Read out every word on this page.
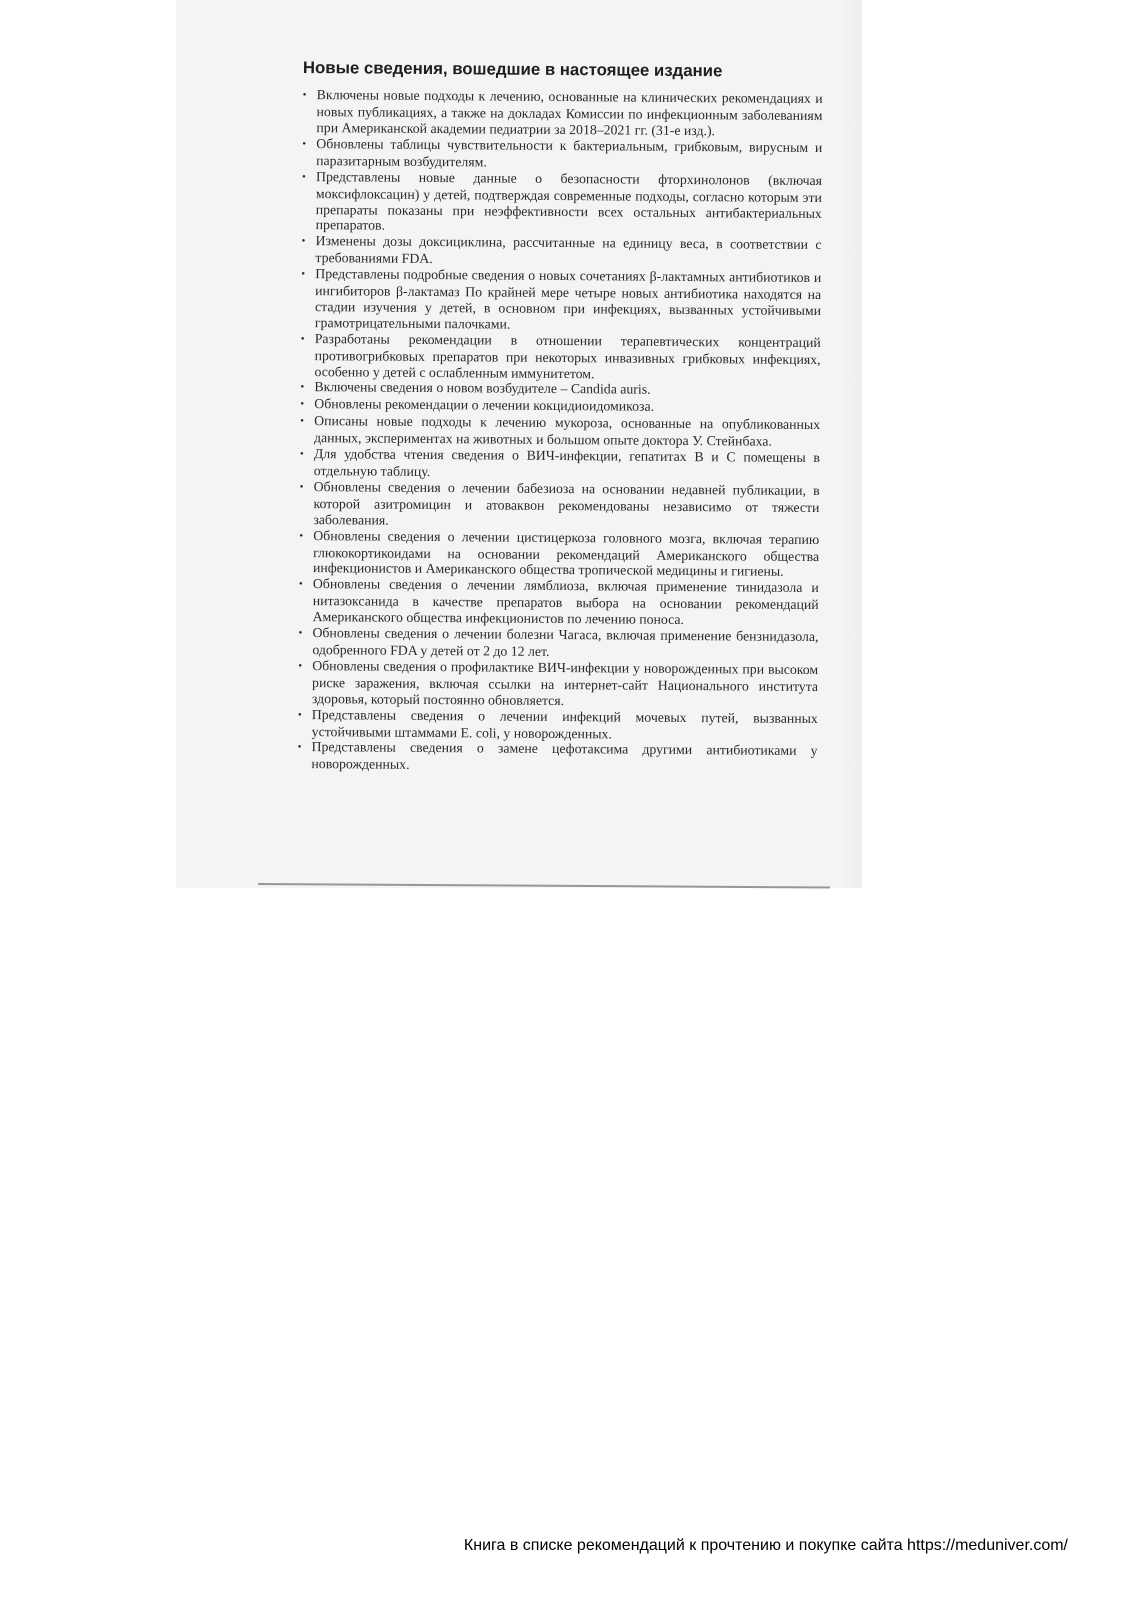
Новые сведения, вошедшие в настоящее издание
• Включены новые подходы к лечению, основанные на клинических рекомендациях и новых публикациях, а также на докладах Комиссии по инфекционным заболеваниям при Американской академии педиатрии за 2018–2021 гг. (31-е изд.).
• Обновлены таблицы чувствительности к бактериальным, грибковым, вирусным и паразитарным возбудителям.
• Представлены новые данные о безопасности фторхинолонов (включая моксифлоксацин) у детей, подтверждая современные подходы, согласно которым эти препараты показаны при неэффективности всех остальных антибактериальных препаратов.
• Изменены дозы доксициклина, рассчитанные на единицу веса, в соответствии с требованиями FDA.
• Представлены подробные сведения о новых сочетаниях β-лактамных антибиотиков и ингибиторов β-лактамаз По крайней мере четыре новых антибиотика находятся на стадии изучения у детей, в основном при инфекциях, вызванных устойчивыми грамотрицательными палочками.
• Разработаны рекомендации в отношении терапевтических концентраций противогрибковых препаратов при некоторых инвазивных грибковых инфекциях, особенно у детей с ослабленным иммунитетом.
• Включены сведения о новом возбудителе – Candida auris.
• Обновлены рекомендации о лечении кокцидиоидомикоза.
• Описаны новые подходы к лечению мукороза, основанные на опубликованных данных, экспериментах на животных и большом опыте доктора У. Стейнбаха.
• Для удобства чтения сведения о ВИЧ-инфекции, гепатитах B и C помещены в отдельную таблицу.
• Обновлены сведения о лечении бабезиоза на основании недавней публикации, в которой азитромицин и атоваквон рекомендованы независимо от тяжести заболевания.
• Обновлены сведения о лечении цистицеркоза головного мозга, включая терапию глюкокортикоидами на основании рекомендаций Американского общества инфекционистов и Американского общества тропической медицины и гигиены.
• Обновлены сведения о лечении лямблиоза, включая применение тинидазола и нитазоксанида в качестве препаратов выбора на основании рекомендаций Американского общества инфекционистов по лечению поноса.
• Обновлены сведения о лечении болезни Чагаса, включая применение бензнидазола, одобренного FDA у детей от 2 до 12 лет.
• Обновлены сведения о профилактике ВИЧ-инфекции у новорожденных при высоком риске заражения, включая ссылки на интернет-сайт Национального института здоровья, который постоянно обновляется.
• Представлены сведения о лечении инфекций мочевых путей, вызванных устойчивыми штаммами E. coli, у новорожденных.
• Представлены сведения о замене цефотаксима другими антибиотиками у новорожденных.
Книга в списке рекомендаций к прочтению и покупке сайта https://meduniver.com/
